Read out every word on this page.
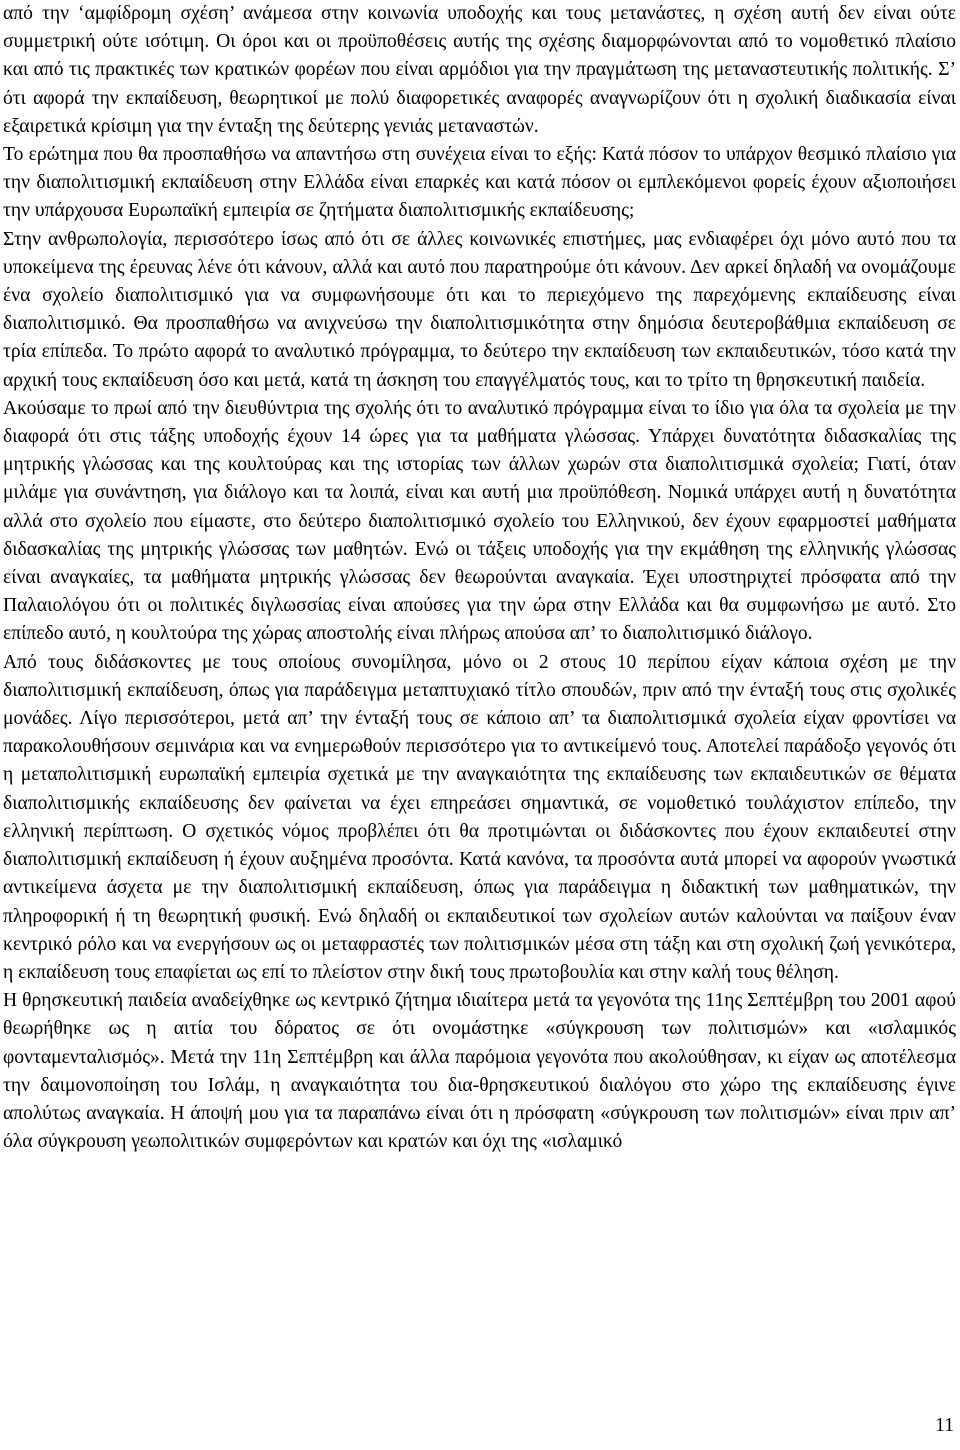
από την ‘αμφίδρομη σχέση’ ανάμεσα στην κοινωνία υποδοχής και τους μετανάστες, η σχέση αυτή δεν είναι ούτε συμμετρική ούτε ισότιμη. Οι όροι και οι προϋποθέσεις αυτής της σχέσης διαμορφώνονται από το νομοθετικό πλαίσιο και από τις πρακτικές των κρατικών φορέων που είναι αρμόδιοι για την πραγμάτωση της μεταναστευτικής πολιτικής. Σ’ ότι αφορά την εκπαίδευση, θεωρητικοί με πολύ διαφορετικές αναφορές αναγνωρίζουν ότι η σχολική διαδικασία είναι εξαιρετικά κρίσιμη για την ένταξη της δεύτερης γενιάς μεταναστών.

Το ερώτημα που θα προσπαθήσω να απαντήσω στη συνέχεια είναι το εξής: Κατά πόσον το υπάρχον θεσμικό πλαίσιο για την διαπολιτισμική εκπαίδευση στην Ελλάδα είναι επαρκές και κατά πόσον οι εμπλεκόμενοι φορείς έχουν αξιοποιήσει την υπάρχουσα Ευρωπαϊκή εμπειρία σε ζητήματα διαπολιτισμικής εκπαίδευσης;

Στην ανθρωπολογία, περισσότερο ίσως από ότι σε άλλες κοινωνικές επιστήμες, μας ενδιαφέρει όχι μόνο αυτό που τα υποκείμενα της έρευνας λένε ότι κάνουν, αλλά και αυτό που παρατηρούμε ότι κάνουν. Δεν αρκεί δηλαδή να ονομάζουμε ένα σχολείο διαπολιτισμικό για να συμφωνήσουμε ότι και το περιεχόμενο της παρεχόμενης εκπαίδευσης είναι διαπολιτισμικό. Θα προσπαθήσω να ανιχνεύσω την διαπολιτισμικότητα στην δημόσια δευτεροβάθμια εκπαίδευση σε τρία επίπεδα. Το πρώτο αφορά το αναλυτικό πρόγραμμα, το δεύτερο την εκπαίδευση των εκπαιδευτικών, τόσο κατά την αρχική τους εκπαίδευση όσο και μετά, κατά τη άσκηση του επαγγέλματός τους, και το τρίτο τη θρησκευτική παιδεία.

Ακούσαμε το πρωί από την διευθύντρια της σχολής ότι το αναλυτικό πρόγραμμα είναι το ίδιο για όλα τα σχολεία με την διαφορά ότι στις τάξης υποδοχής έχουν 14 ώρες για τα μαθήματα γλώσσας. Υπάρχει δυνατότητα διδασκαλίας της μητρικής γλώσσας και της κουλτούρας και της ιστορίας των άλλων χωρών στα διαπολιτισμικά σχολεία; Γιατί, όταν μιλάμε για συνάντηση, για διάλογο και τα λοιπά, είναι και αυτή μια προϋπόθεση. Νομικά υπάρχει αυτή η δυνατότητα αλλά στο σχολείο που είμαστε, στο δεύτερο διαπολιτισμικό σχολείο του Ελληνικού, δεν έχουν εφαρμοστεί μαθήματα διδασκαλίας της μητρικής γλώσσας των μαθητών. Ενώ οι τάξεις υποδοχής για την εκμάθηση της ελληνικής γλώσσας είναι αναγκαίες, τα μαθήματα μητρικής γλώσσας δεν θεωρούνται αναγκαία. Έχει υποστηριχτεί πρόσφατα από την Παλαιολόγου ότι οι πολιτικές διγλωσσίας είναι απούσες για την ώρα στην Ελλάδα και θα συμφωνήσω με αυτό. Στο επίπεδο αυτό, η κουλτούρα της χώρας αποστολής είναι πλήρως απούσα απ’ το διαπολιτισμικό διάλογο.

Από τους διδάσκοντες με τους οποίους συνομίλησα, μόνο οι 2 στους 10 περίπου είχαν κάποια σχέση με την διαπολιτισμική εκπαίδευση, όπως για παράδειγμα μεταπτυχιακό τίτλο σπουδών, πριν από την ένταξή τους στις σχολικές μονάδες. Λίγο περισσότεροι, μετά απ’ την ένταξή τους σε κάποιο απ’ τα διαπολιτισμικά σχολεία είχαν φροντίσει να παρακολουθήσουν σεμινάρια και να ενημερωθούν περισσότερο για το αντικείμενό τους. Αποτελεί παράδοξο γεγονός ότι η μεταπολιτισμική ευρωπαϊκή εμπειρία σχετικά με την αναγκαιότητα της εκπαίδευσης των εκπαιδευτικών σε θέματα διαπολιτισμικής εκπαίδευσης δεν φαίνεται να έχει επηρεάσει σημαντικά, σε νομοθετικό τουλάχιστον επίπεδο, την ελληνική περίπτωση. Ο σχετικός νόμος προβλέπει ότι θα προτιμώνται οι διδάσκοντες που έχουν εκπαιδευτεί στην διαπολιτισμική εκπαίδευση ή έχουν αυξημένα προσόντα. Κατά κανόνα, τα προσόντα αυτά μπορεί να αφορούν γνωστικά αντικείμενα άσχετα με την διαπολιτισμική εκπαίδευση, όπως για παράδειγμα η διδακτική των μαθηματικών, την πληροφορική ή τη θεωρητική φυσική. Ενώ δηλαδή οι εκπαιδευτικοί των σχολείων αυτών καλούνται να παίξουν έναν κεντρικό ρόλο και να ενεργήσουν ως οι μεταφραστές των πολιτισμικών μέσα στη τάξη και στη σχολική ζωή γενικότερα, η εκπαίδευση τους επαφίεται ως επί το πλείστον στην δική τους πρωτοβουλία και στην καλή τους θέληση.

Η θρησκευτική παιδεία αναδείχθηκε ως κεντρικό ζήτημα ιδιαίτερα μετά τα γεγονότα της 11ης Σεπτέμβρη του 2001 αφού θεωρήθηκε ως η αιτία του δόρατος σε ότι ονομάστηκε «σύγκρουση των πολιτισμών» και «ισλαμικός φονταμενταλισμός». Μετά την 11η Σεπτέμβρη και άλλα παρόμοια γεγονότα που ακολούθησαν, κι είχαν ως αποτέλεσμα την δαιμονοποίηση του Ισλάμ, η αναγκαιότητα του δια-θρησκευτικού διαλόγου στο χώρο της εκπαίδευσης έγινε απολύτως αναγκαία. Η άποψή μου για τα παραπάνω είναι ότι η πρόσφατη «σύγκρουση των πολιτισμών» είναι πριν απ’ όλα σύγκρουση γεωπολιτικών συμφερόντων και κρατών και όχι της «ισλαμικό

11
